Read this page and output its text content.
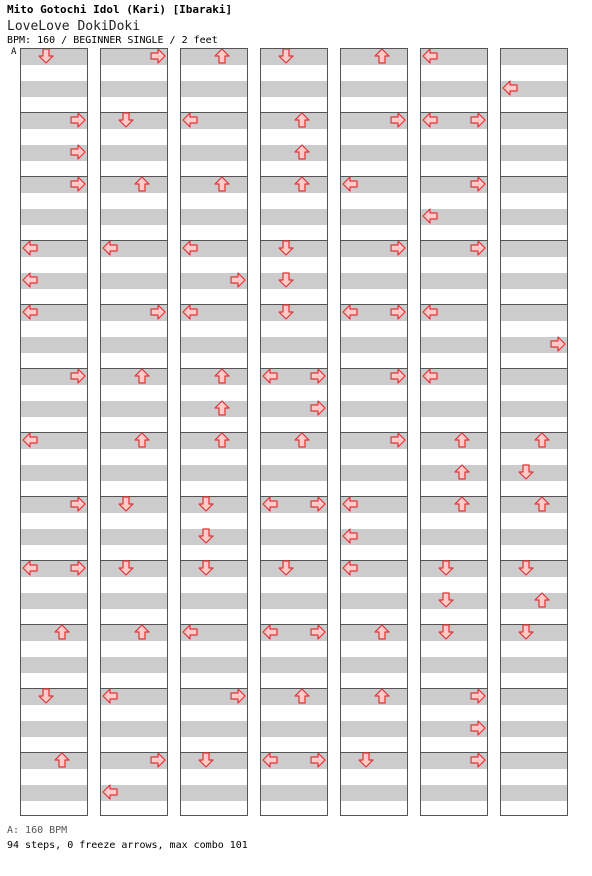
Mito Gotochi Idol (Kari) [Ibaraki]
LoveLove DokiDoki
BPM: 160 / BEGINNER SINGLE / 2 feet
A
A: 160 BPM
94 steps, 0 freeze arrows, max combo 101
